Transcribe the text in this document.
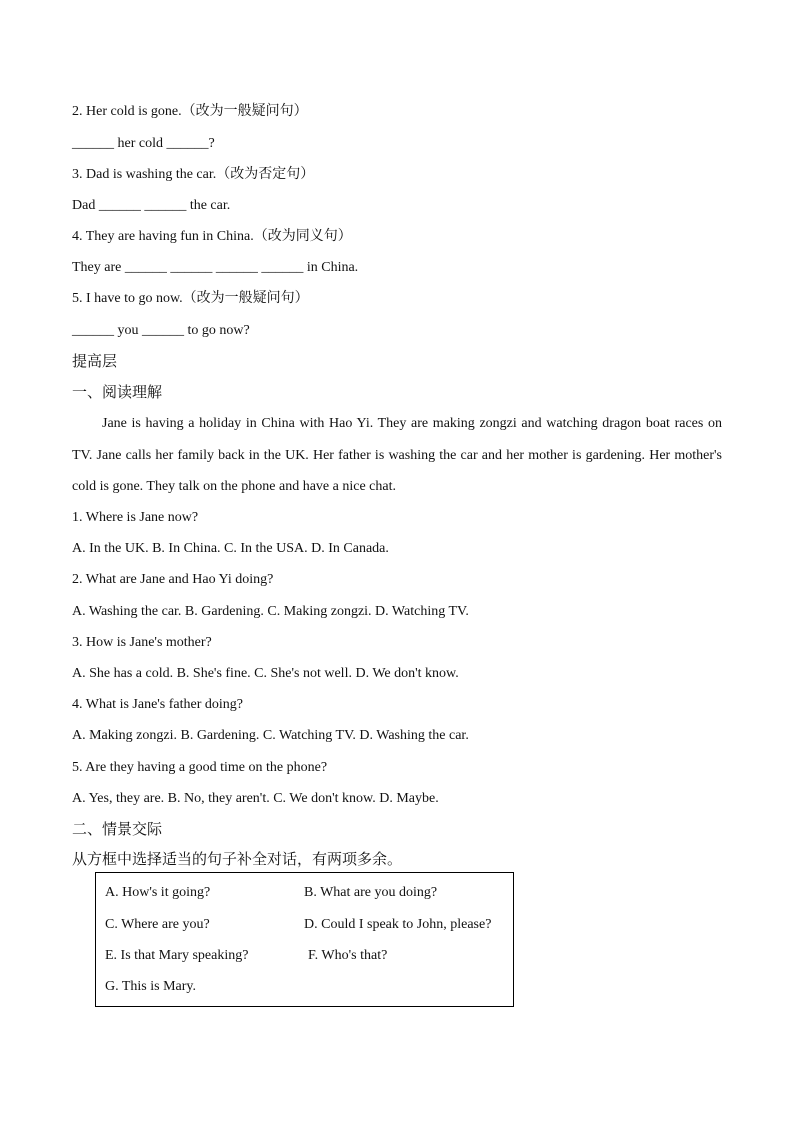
2. Her cold is gone.（改为一般疑问句）
______ her cold ______?
3. Dad is washing the car.（改为否定句）
Dad ______ ______ the car.
4. They are having fun in China.（改为同义句）
They are ______ ______ ______ ______ in China.
5. I have to go now.（改为一般疑问句）
______ you ______ to go now?
提高层
一、阅读理解
Jane is having a holiday in China with Hao Yi. They are making zongzi and watching dragon boat races on TV. Jane calls her family back in the UK. Her father is washing the car and her mother is gardening. Her mother's cold is gone. They talk on the phone and have a nice chat.
1. Where is Jane now?
A. In the UK. B. In China. C. In the USA. D. In Canada.
2. What are Jane and Hao Yi doing?
A. Washing the car. B. Gardening. C. Making zongzi. D. Watching TV.
3. How is Jane's mother?
A. She has a cold. B. She's fine. C. She's not well. D. We don't know.
4. What is Jane's father doing?
A. Making zongzi. B. Gardening. C. Watching TV. D. Washing the car.
5. Are they having a good time on the phone?
A. Yes, they are. B. No, they aren't. C. We don't know. D. Maybe.
二、情景交际
从方框中选择适当的句子补全对话，有两项多余。
A. How's it going?	B. What are you doing?
C. Where are you?	D. Could I speak to John, please?
E. Is that Mary speaking?	F. Who's that?
G. This is Mary.
